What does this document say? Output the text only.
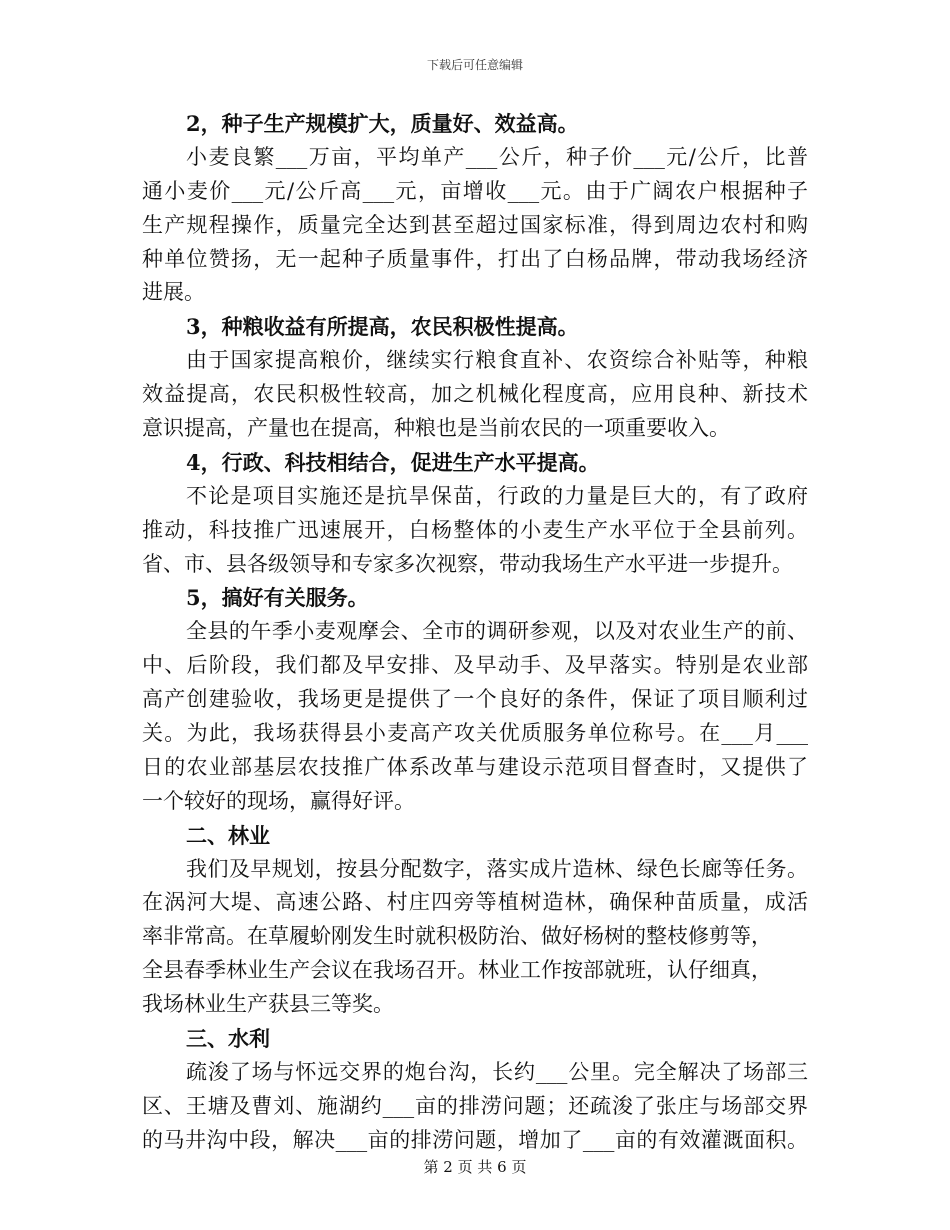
下载后可任意编辑
2，种子生产规模扩大，质量好、效益高。
小麦良繁___万亩，平均单产___公斤，种子价___元/公斤，比普
通小麦价___元/公斤高___元，亩增收___元。由于广阔农户根据种子
生产规程操作，质量完全达到甚至超过国家标准，得到周边农村和购
种单位赞扬，无一起种子质量事件，打出了白杨品牌，带动我场经济
进展。
3，种粮收益有所提高，农民积极性提高。
由于国家提高粮价，继续实行粮食直补、农资综合补贴等，种粮
效益提高，农民积极性较高，加之机械化程度高，应用良种、新技术
意识提高，产量也在提高，种粮也是当前农民的一项重要收入。
4，行政、科技相结合，促进生产水平提高。
不论是项目实施还是抗旱保苗，行政的力量是巨大的，有了政府
推动，科技推广迅速展开，白杨整体的小麦生产水平位于全县前列。
省、市、县各级领导和专家多次视察，带动我场生产水平进一步提升。
5，搞好有关服务。
全县的午季小麦观摩会、全市的调研参观，以及对农业生产的前、
中、后阶段，我们都及早安排、及早动手、及早落实。特别是农业部
高产创建验收，我场更是提供了一个良好的条件，保证了项目顺利过
关。为此，我场获得县小麦高产攻关优质服务单位称号。在___月___
日的农业部基层农技推广体系改革与建设示范项目督查时，又提供了
一个较好的现场，赢得好评。
二、林业
我们及早规划，按县分配数字，落实成片造林、绿色长廊等任务。
在涡河大堤、高速公路、村庄四旁等植树造林，确保种苗质量，成活
率非常高。在草履蚧刚发生时就积极防治、做好杨树的整枝修剪等，
全县春季林业生产会议在我场召开。林业工作按部就班，认仔细真，
我场林业生产获县三等奖。
三、水利
疏浚了场与怀远交界的炮台沟，长约___公里。完全解决了场部三
区、王塘及曹刘、施湖约___亩的排涝问题；还疏浚了张庄与场部交界
的马井沟中段，解决___亩的排涝问题，增加了___亩的有效灌溉面积。
第 2 页 共 6 页
